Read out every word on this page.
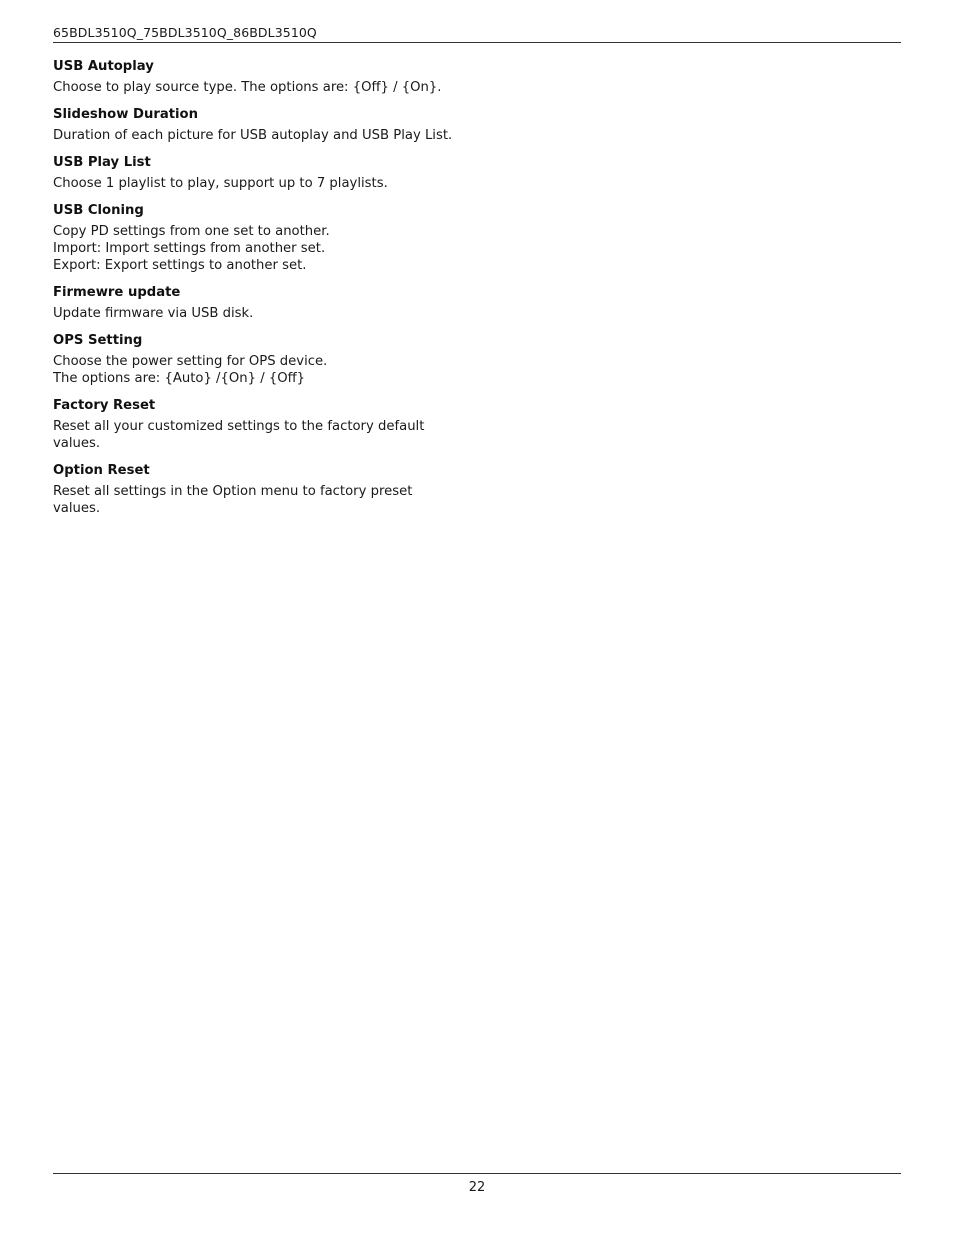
65BDL3510Q_75BDL3510Q_86BDL3510Q
USB Autoplay
Choose to play source type. The options are: {Off} / {On}.
Slideshow Duration
Duration of each picture for USB autoplay and USB Play List.
USB Play List
Choose 1 playlist to play, support up to 7 playlists.
USB Cloning
Copy PD settings from one set to another.
Import: Import settings from another set.
Export: Export settings to another set.
Firmewre update
Update firmware via USB disk.
OPS Setting
Choose the power setting for OPS device.
The options are: {Auto} /{On} / {Off}
Factory Reset
Reset all your customized settings to the factory default
values.
Option Reset
Reset all settings in the Option menu to factory preset
values.
22
